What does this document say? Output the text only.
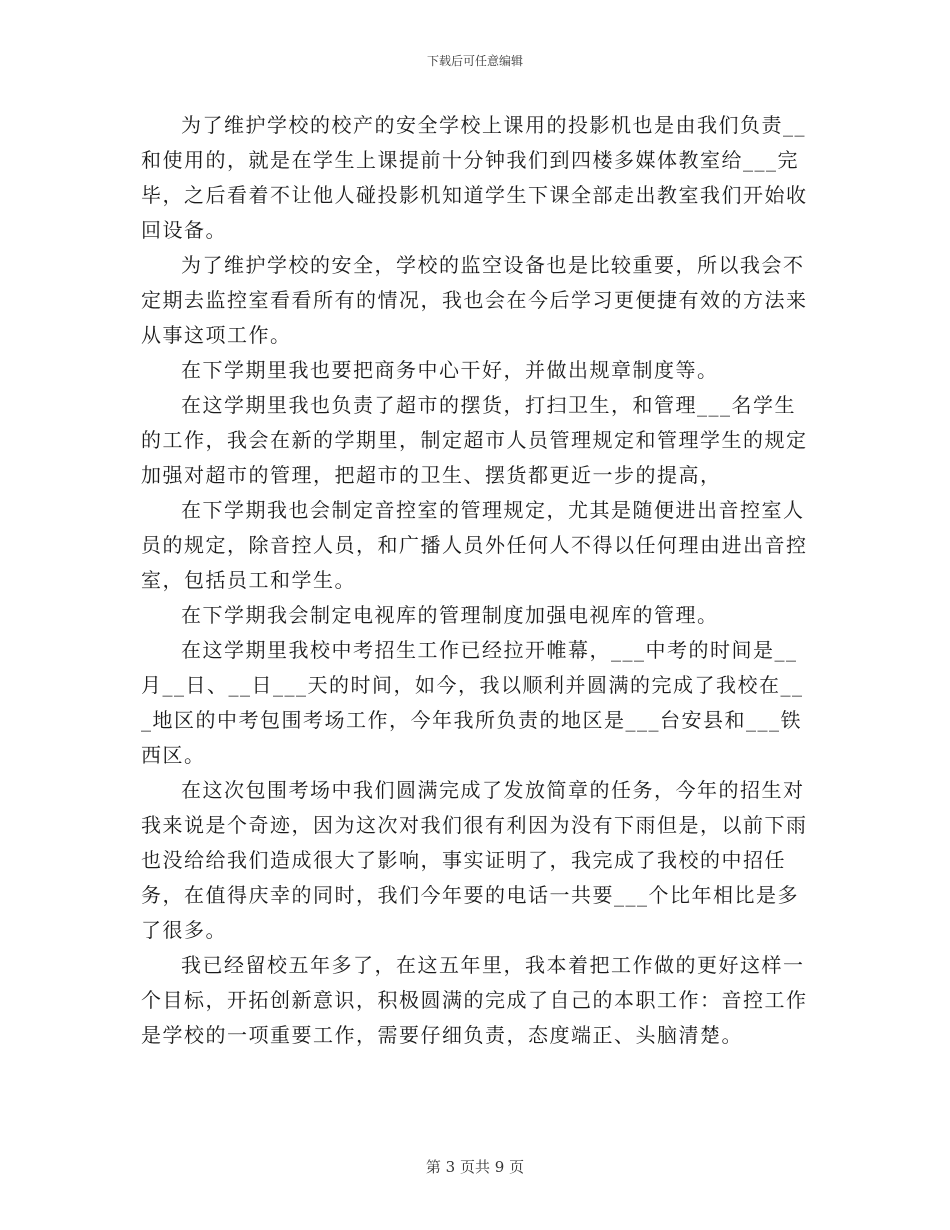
下载后可任意编辑

为了维护学校的校产的安全学校上课用的投影机也是由我们负责__和使用的，就是在学生上课提前十分钟我们到四楼多媒体教室给___完毕，之后看着不让他人碰投影机知道学生下课全部走出教室我们开始收回设备。

为了维护学校的安全，学校的监空设备也是比较重要，所以我会不定期去监控室看看所有的情况，我也会在今后学习更便捷有效的方法来从事这项工作。

在下学期里我也要把商务中心干好，并做出规章制度等。

在这学期里我也负责了超市的摆货，打扫卫生，和管理___名学生的工作，我会在新的学期里，制定超市人员管理规定和管理学生的规定加强对超市的管理，把超市的卫生、摆货都更近一步的提高，

在下学期我也会制定音控室的管理规定，尤其是随便进出音控室人员的规定，除音控人员，和广播人员外任何人不得以任何理由进出音控室，包括员工和学生。

在下学期我会制定电视库的管理制度加强电视库的管理。

在这学期里我校中考招生工作已经拉开帷幕，___中考的时间是__月__日、__日___天的时间，如今，我以顺利并圆满的完成了我校在___地区的中考包围考场工作，今年我所负责的地区是___台安县和___铁西区。

在这次包围考场中我们圆满完成了发放简章的任务，今年的招生对我来说是个奇迹，因为这次对我们很有利因为没有下雨但是，以前下雨也没给给我们造成很大了影响，事实证明了，我完成了我校的中招任务，在值得庆幸的同时，我们今年要的电话一共要___个比年相比是多了很多。

我已经留校五年多了，在这五年里，我本着把工作做的更好这样一个目标，开拓创新意识，积极圆满的完成了自己的本职工作：音控工作是学校的一项重要工作，需要仔细负责，态度端正、头脑清楚。

第 3 页共 9 页
